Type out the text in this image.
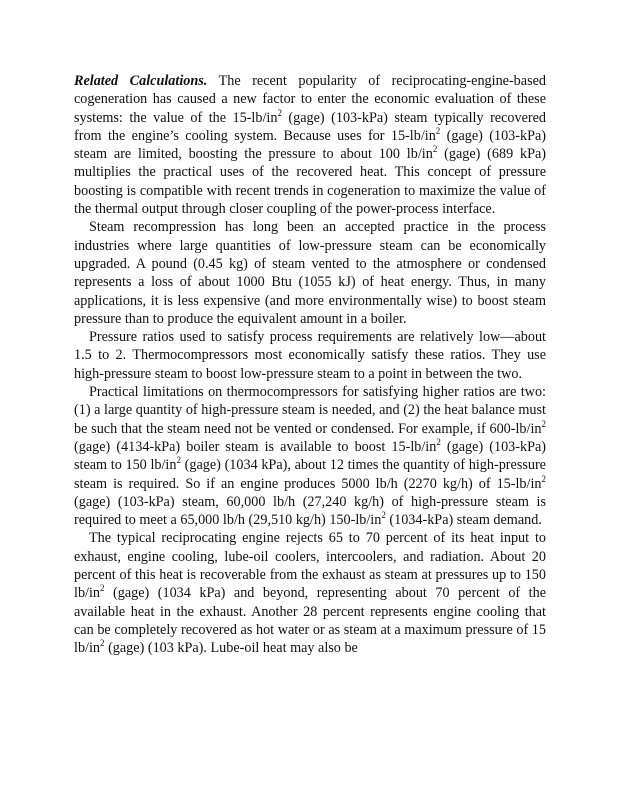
Related Calculations. The recent popularity of reciprocating-engine-based cogeneration has caused a new factor to enter the economic evaluation of these systems: the value of the $15-lb/in^2$ (gage) (103-kPa) steam typically recovered from the engine’s cooling system. Because uses for $15-lb/in^2$ (gage) (103-kPa) steam are limited, boosting the pressure to about 100 $lb/in^2$ (gage) (689 kPa) multiplies the practical uses of the recovered heat. This concept of pressure boosting is compatible with recent trends in cogeneration to maximize the value of the thermal output through closer coupling of the power-process interface.

Steam recompression has long been an accepted practice in the process industries where large quantities of low-pressure steam can be economically upgraded. A pound (0.45 kg) of steam vented to the atmosphere or condensed represents a loss of about 1000 Btu (1055 kJ) of heat energy. Thus, in many applications, it is less expensive (and more environmentally wise) to boost steam pressure than to produce the equivalent amount in a boiler.

Pressure ratios used to satisfy process requirements are relatively low—about 1.5 to 2. Thermocompressors most economically satisfy these ratios. They use high-pressure steam to boost low-pressure steam to a point in between the two.

Practical limitations on thermocompressors for satisfying higher ratios are two: (1) a large quantity of high-pressure steam is needed, and (2) the heat balance must be such that the steam need not be vented or condensed. For example, if $600-lb/in^2$ (gage) (4134-kPa) boiler steam is available to boost $15-lb/in^2$ (gage) (103-kPa) steam to 150 $lb/in^2$ (gage) (1034 kPa), about 12 times the quantity of high-pressure steam is required. So if an engine produces 5000 lb/h (2270 kg/h) of $15-lb/in^2$ (gage) (103-kPa) steam, 60,000 lb/h (27,240 kg/h) of high-pressure steam is required to meet a 65,000 lb/h (29,510 kg/h) $150-lb/in^2$ (1034-kPa) steam demand.

The typical reciprocating engine rejects 65 to 70 percent of its heat input to exhaust, engine cooling, lube-oil coolers, intercoolers, and radiation. About 20 percent of this heat is recoverable from the exhaust as steam at pressures up to 150 $lb/in^2$ (gage) (1034 kPa) and beyond, representing about 70 percent of the available heat in the exhaust. Another 28 percent represents engine cooling that can be completely recovered as hot water or as steam at a maximum pressure of 15 $lb/in^2$ (gage) (103 kPa). Lube-oil heat may also be
